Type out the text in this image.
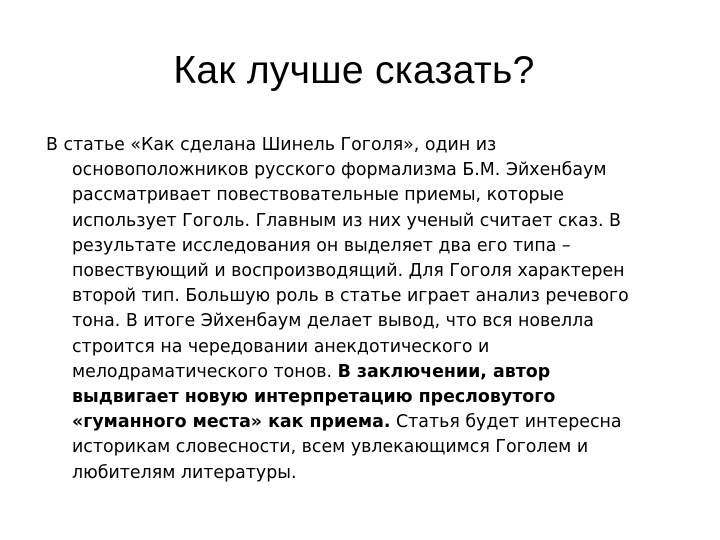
Как лучше сказать?
В статье «Как сделана Шинель Гоголя», один из
основоположников русского формализма Б.М. Эйхенбаум
рассматривает повествовательные приемы, которые
использует Гоголь. Главным из них ученый считает сказ. В
результате исследования он выделяет два его типа –
повествующий и воспроизводящий. Для Гоголя характерен
второй тип. Большую роль в статье играет анализ речевого
тона. В итоге Эйхенбаум делает вывод, что вся новелла
строится на чередовании анекдотического и
мелодраматического тонов. В заключении, автор
выдвигает новую интерпретацию пресловутого
«гуманного места» как приема. Статья будет интересна
историкам словесности, всем увлекающимся Гоголем и
любителям литературы.
